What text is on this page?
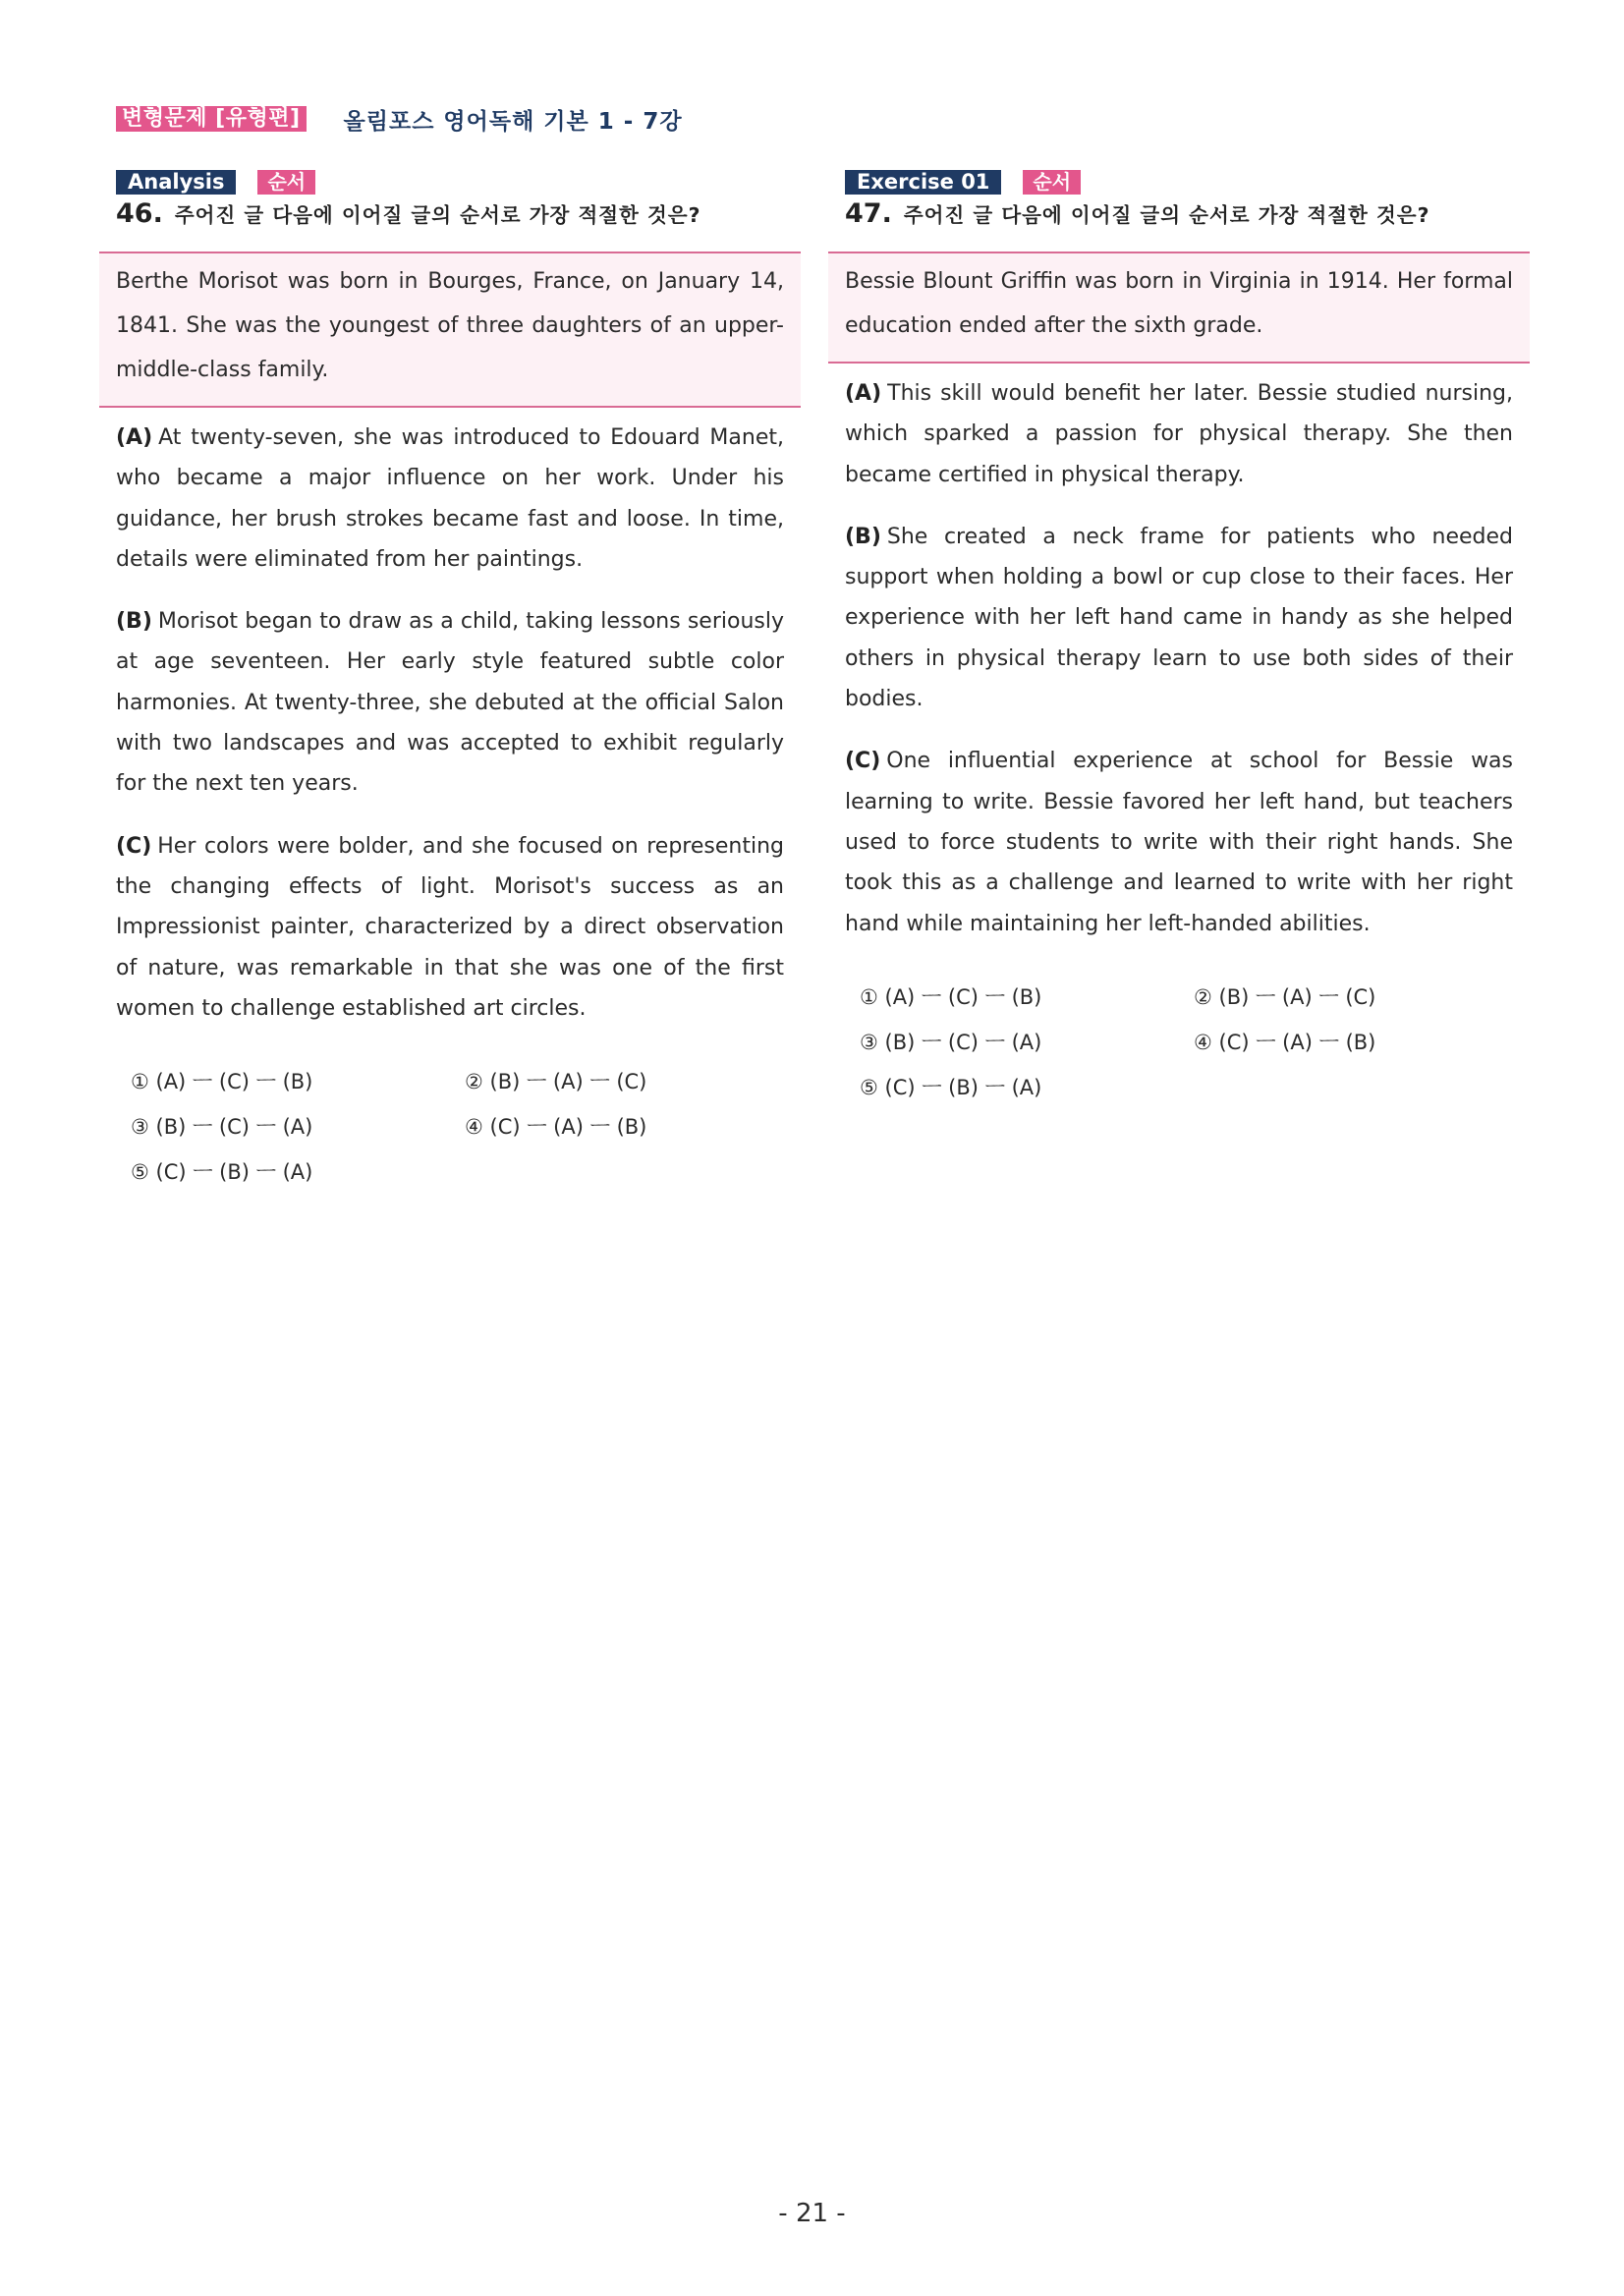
변형문제 [유형편] 올림포스 영어독해 기본 1 - 7강
Analysis	순서
46. 주어진 글 다음에 이어질 글의 순서로 가장 적절한 것은?

Berthe Morisot was born in Bourges, France, on January 14, 1841. She was the youngest of three daughters of an upper-middle-class family.

(A) At twenty-seven, she was introduced to Edouard Manet, who became a major influence on her work. Under his guidance, her brush strokes became fast and loose. In time, details were eliminated from her paintings.

(B) Morisot began to draw as a child, taking lessons seriously at age seventeen. Her early style featured subtle color harmonies. At twenty-three, she debuted at the official Salon with two landscapes and was accepted to exhibit regularly for the next ten years.

(C) Her colors were bolder, and she focused on representing the changing effects of light. Morisot's success as an Impressionist painter, characterized by a direct observation of nature, was remarkable in that she was one of the first women to challenge established art circles.

① (A) ㅡ (C) ㅡ (B)	② (B) ㅡ (A) ㅡ (C)
③ (B) ㅡ (C) ㅡ (A)	④ (C) ㅡ (A) ㅡ (B)
⑤ (C) ㅡ (B) ㅡ (A)
Exercise 01	순서
47. 주어진 글 다음에 이어질 글의 순서로 가장 적절한 것은?

Bessie Blount Griffin was born in Virginia in 1914. Her formal education ended after the sixth grade.

(A) This skill would benefit her later. Bessie studied nursing, which sparked a passion for physical therapy. She then became certified in physical therapy.

(B) She created a neck frame for patients who needed support when holding a bowl or cup close to their faces. Her experience with her left hand came in handy as she helped others in physical therapy learn to use both sides of their bodies.

(C) One influential experience at school for Bessie was learning to write. Bessie favored her left hand, but teachers used to force students to write with their right hands. She took this as a challenge and learned to write with her right hand while maintaining her left-handed abilities.

① (A) ㅡ (C) ㅡ (B)	② (B) ㅡ (A) ㅡ (C)
③ (B) ㅡ (C) ㅡ (A)	④ (C) ㅡ (A) ㅡ (B)
⑤ (C) ㅡ (B) ㅡ (A)
- 21 -
